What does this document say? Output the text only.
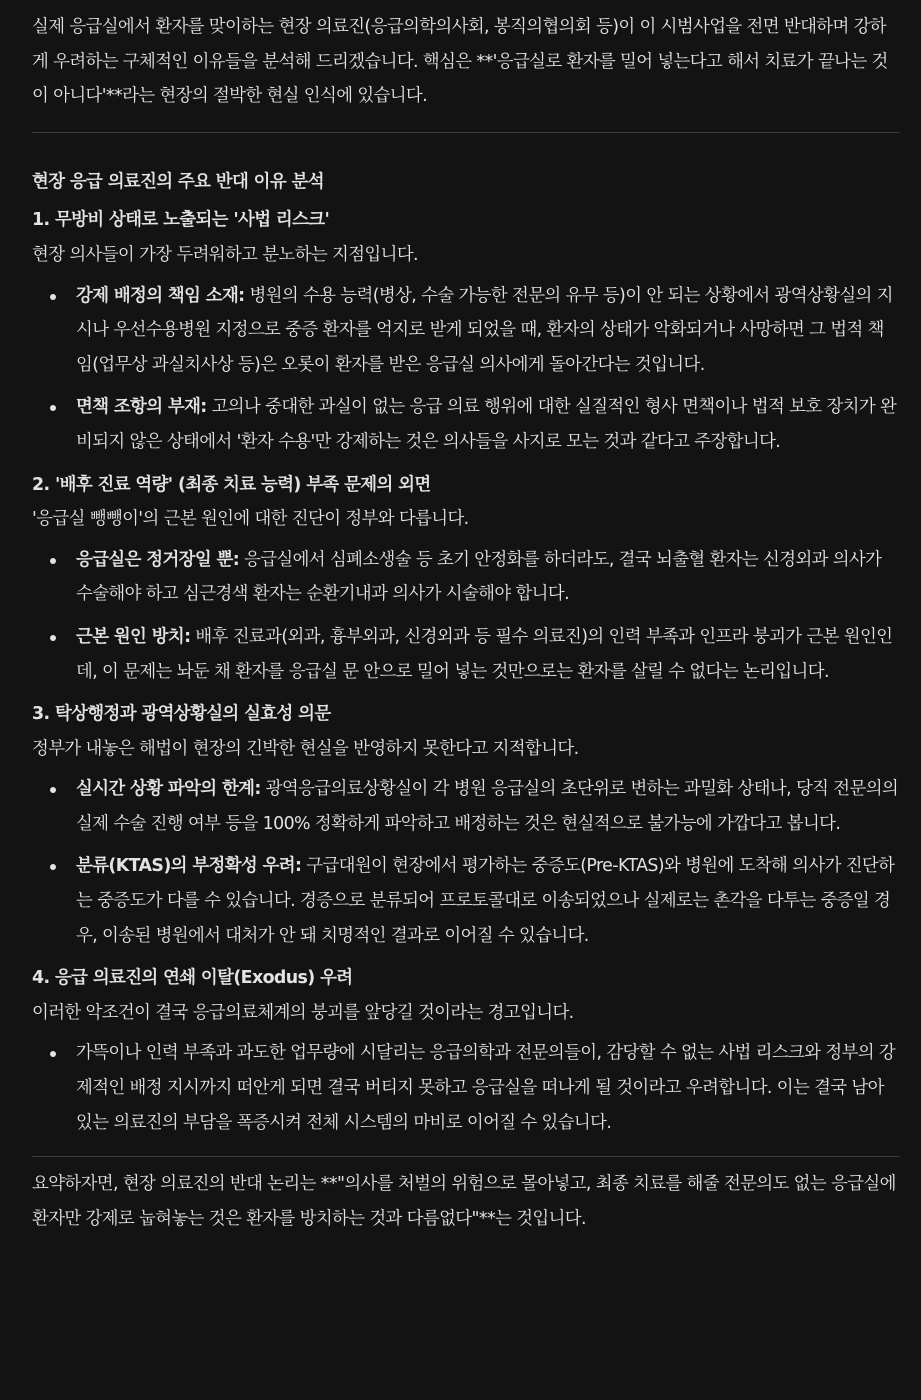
실제 응급실에서 환자를 맞이하는 현장 의료진(응급의학의사회, 봉직의협의회 등)이 이 시범사업을 전면 반대하며 강하게 우려하는 구체적인 이유들을 분석해 드리겠습니다. 핵심은 **'응급실로 환자를 밀어 넣는다고 해서 치료가 끝나는 것이 아니다'**라는 현장의 절박한 현실 인식에 있습니다.

현장 응급 의료진의 주요 반대 이유 분석

1. 무방비 상태로 노출되는 '사법 리스크'

현장 의사들이 가장 두려워하고 분노하는 지점입니다.

강제 배정의 책임 소재: 병원의 수용 능력(병상, 수술 가능한 전문의 유무 등)이 안 되는 상황에서 광역상황실의 지시나 우선수용병원 지정으로 중증 환자를 억지로 받게 되었을 때, 환자의 상태가 악화되거나 사망하면 그 법적 책임(업무상 과실치사상 등)은 오롯이 환자를 받은 응급실 의사에게 돌아간다는 것입니다.
면책 조항의 부재: 고의나 중대한 과실이 없는 응급 의료 행위에 대한 실질적인 형사 면책이나 법적 보호 장치가 완비되지 않은 상태에서 '환자 수용'만 강제하는 것은 의사들을 사지로 모는 것과 같다고 주장합니다.

2. '배후 진료 역량' (최종 치료 능력) 부족 문제의 외면

'응급실 뺑뺑이'의 근본 원인에 대한 진단이 정부와 다릅니다.

응급실은 정거장일 뿐: 응급실에서 심폐소생술 등 초기 안정화를 하더라도, 결국 뇌출혈 환자는 신경외과 의사가 수술해야 하고 심근경색 환자는 순환기내과 의사가 시술해야 합니다.
근본 원인 방치: 배후 진료과(외과, 흉부외과, 신경외과 등 필수 의료진)의 인력 부족과 인프라 붕괴가 근본 원인인데, 이 문제는 놔둔 채 환자를 응급실 문 안으로 밀어 넣는 것만으로는 환자를 살릴 수 없다는 논리입니다.

3. 탁상행정과 광역상황실의 실효성 의문

정부가 내놓은 해법이 현장의 긴박한 현실을 반영하지 못한다고 지적합니다.

실시간 상황 파악의 한계: 광역응급의료상황실이 각 병원 응급실의 초단위로 변하는 과밀화 상태나, 당직 전문의의 실제 수술 진행 여부 등을 100% 정확하게 파악하고 배정하는 것은 현실적으로 불가능에 가깝다고 봅니다.
분류(KTAS)의 부정확성 우려: 구급대원이 현장에서 평가하는 중증도(Pre-KTAS)와 병원에 도착해 의사가 진단하는 중증도가 다를 수 있습니다. 경증으로 분류되어 프로토콜대로 이송되었으나 실제로는 촌각을 다투는 중증일 경우, 이송된 병원에서 대처가 안 돼 치명적인 결과로 이어질 수 있습니다.

4. 응급 의료진의 연쇄 이탈(Exodus) 우려

이러한 악조건이 결국 응급의료체계의 붕괴를 앞당길 것이라는 경고입니다.

가뜩이나 인력 부족과 과도한 업무량에 시달리는 응급의학과 전문의들이, 감당할 수 없는 사법 리스크와 정부의 강제적인 배정 지시까지 떠안게 되면 결국 버티지 못하고 응급실을 떠나게 될 것이라고 우려합니다. 이는 결국 남아있는 의료진의 부담을 폭증시켜 전체 시스템의 마비로 이어질 수 있습니다.

요약하자면, 현장 의료진의 반대 논리는 **"의사를 처벌의 위험으로 몰아넣고, 최종 치료를 해줄 전문의도 없는 응급실에 환자만 강제로 눕혀놓는 것은 환자를 방치하는 것과 다름없다"**는 것입니다.
